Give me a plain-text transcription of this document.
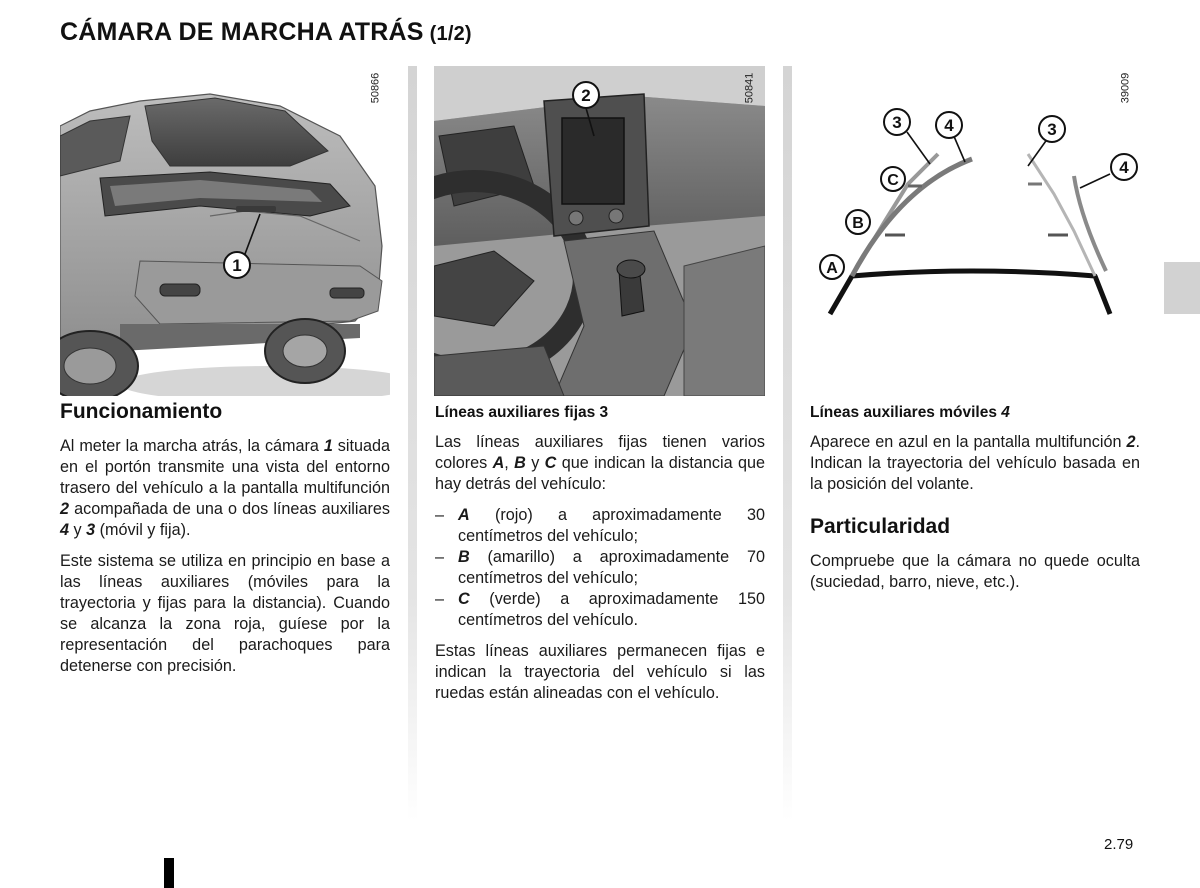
CÁMARA DE MARCHA ATRÁS (1/2)
1
50866	2	50841
3	4	3
4
C
B
A
39009
Funcionamiento

Al meter la marcha atrás, la cámara 1 situada en el portón transmite una vista del entorno trasero del vehículo a la pantalla multifunción 2 acompañada de una o dos líneas auxiliares 4 y 3 (móvil y fija).

Este sistema se utiliza en principio en base a las líneas auxiliares (móviles para la trayectoria y fijas para la distancia). Cuando se alcanza la zona roja, guíese por la representación del parachoques para detenerse con precisión.

Líneas auxiliares fijas 3

Las líneas auxiliares fijas tienen varios colores A, B y C que indican la distancia que hay detrás del vehículo:

– A (rojo) a aproximadamente 30 centímetros del vehículo;
– B (amarillo) a aproximadamente 70 centímetros del vehículo;
– C (verde) a aproximadamente 150 centímetros del vehículo.

Estas líneas auxiliares permanecen fijas e indican la trayectoria del vehículo si las ruedas están alineadas con el vehículo.

Líneas auxiliares móviles 4

Aparece en azul en la pantalla multifunción 2. Indican la trayectoria del vehículo basada en la posición del volante.

Particularidad

Compruebe que la cámara no quede oculta (suciedad, barro, nieve, etc.).

2.79
